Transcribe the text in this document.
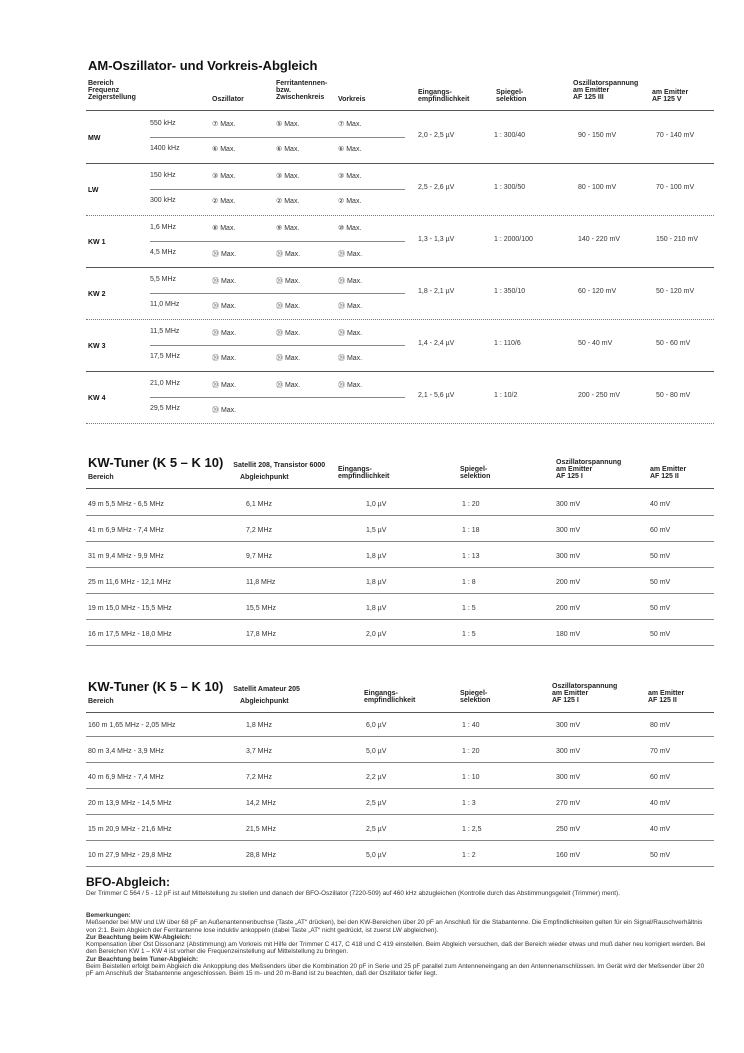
AM-Oszillator- und Vorkreis-Abgleich
Bereich
Frequenz
Zeigerstellung	Oszillator
Ferritantennen-
bzw.
Zwischenkreis	Vorkreis
Eingangs-
empfindlichkeit
Spiegel-
selektion
Oszillatorspannung
am Emitter
AF 125 III
am Emitter
AF 125 V
MW
550 kHz	⑦ Max.	⑤ Max.	⑦ Max.
1400 kHz	⑥ Max.	⑥ Max.	⑥ Max.
2,0 - 2,5 µV	1 : 300/40	90 - 150 mV	70 - 140 mV
LW
150 kHz	③ Max.	③ Max.	③ Max.
300 kHz	② Max.	② Max.	② Max.
2,5 - 2,6 µV	1 : 300/50	80 - 100 mV	70 - 100 mV
KW 1
1,6 MHz	⑧ Max.	⑨ Max.	⑩ Max.
4,5 MHz	⑳ Max.	⑳ Max.	⑳ Max.
1,3 - 1,3 µV	1 : 2000/100	140 - 220 mV	150 - 210 mV
KW 2
5,5 MHz	⑳ Max.	⑳ Max.	⑳ Max.
11,0 MHz	⑳ Max.	⑳ Max.	⑳ Max.
1,8 - 2,1 µV	1 : 350/10	60 - 120 mV	50 - 120 mV
KW 3
11,5 MHz	⑳ Max.	⑳ Max.	⑳ Max.
17,5 MHz	⑳ Max.	⑳ Max.	⑳ Max.
1,4 - 2,4 µV	1 : 110/6	50 - 40 mV	50 - 60 mV
KW 4
21,0 MHz	⑳ Max.	⑳ Max.	⑳ Max.
29,5 MHz	⑳ Max.
2,1 - 5,6 µV	1 : 10/2	200 - 250 mV	50 - 80 mV
KW-Tuner (K 5 – K 10) Satellit 208, Transistor 6000
Bereich	Abgleichpunkt
Eingangs-
empfindlichkeit
Spiegel-
selektion
Oszillatorspannung
am Emitter
AF 125 I
am Emitter
AF 125 II
49 m 5,5 MHz - 6,5 MHz	6,1 MHz	1,0 µV	1 : 20	300 mV	40 mV
41 m 6,9 MHz - 7,4 MHz	7,2 MHz	1,5 µV	1 : 18	300 mV	60 mV
31 m 9,4 MHz - 9,9 MHz	9,7 MHz	1,8 µV	1 : 13	300 mV	50 mV
25 m 11,6 MHz - 12,1 MHz	11,8 MHz	1,8 µV	1 : 8	200 mV	50 mV
19 m 15,0 MHz - 15,5 MHz	15,5 MHz	1,8 µV	1 : 5	200 mV	50 mV
16 m 17,5 MHz - 18,0 MHz	17,8 MHz	2,0 µV	1 : 5	180 mV	50 mV
KW-Tuner (K 5 – K 10) Satellit Amateur 205
Bereich	Abgleichpunkt
Eingangs-
empfindlichkeit
Spiegel-
selektion
Oszillatorspannung
am Emitter
AF 125 I
am Emitter
AF 125 II
160 m 1,65 MHz - 2,05 MHz	1,8 MHz	6,0 µV	1 : 40	300 mV	80 mV
80 m 3,4 MHz - 3,9 MHz	3,7 MHz	5,0 µV	1 : 20	300 mV	70 mV
40 m 6,9 MHz - 7,4 MHz	7,2 MHz	2,2 µV	1 : 10	300 mV	60 mV
20 m 13,9 MHz - 14,5 MHz	14,2 MHz	2,5 µV	1 : 3	270 mV	40 mV
15 m 20,9 MHz - 21,6 MHz	21,5 MHz	2,5 µV	1 : 2,5	250 mV	40 mV
10 m 27,9 MHz - 29,8 MHz	28,8 MHz	5,0 µV	1 : 2	160 mV	50 mV
BFO-Abgleich:
Der Trimmer C 564 / 5 - 12 pF ist auf Mittelstellung zu stellen und danach der BFO-Oszillator (7220-509) auf 460 kHz abzugleichen (Kontrolle durch das Abstimmungsgeleit (Trimmer) ment).

Bemerkungen:

Meßsender bei MW und LW über 68 pF an Außenantennenbuchse (Taste „AT“ drücken), bei den KW-Bereichen über 20 pF an Anschluß für die Stabantenne. Die Empfindlichkeiten gelten für ein Signal/Rauschverhältnis von 2:1. Beim Abgleich der Ferritantenne lose induktiv ankoppeln (dabei Taste „AT“ nicht gedrückt, ist zuerst LW abgleichen).

Zur Beachtung beim KW-Abgleich:

Kompensation über Ost Dissonanz (Abstimmung) am Vorkreis mit Hilfe der Trimmer C 417, C 418 und C 419 einstellen. Beim Abgleich versuchen, daß der Bereich wieder etwas und muß daher neu korrigiert werden. Bei den Bereichen KW 1 – KW 4 ist vorher die Frequenzeinstellung auf Mittelstellung zu bringen.

Zur Beachtung beim Tuner-Abgleich:

Beim Beistellen erfolgt beim Abgleich die Ankopplung des Meßsenders über die Kombination 20 pF in Serie und 25 pF parallel zum Antenneneingang an den Antennenanschlüssen. Im Gerät wird der Meßsender über 20 pF am Anschluß der Stabantenne angeschlossen. Beim 15 m- und 20 m-Band ist zu beachten, daß der Oszillator tiefer liegt.
